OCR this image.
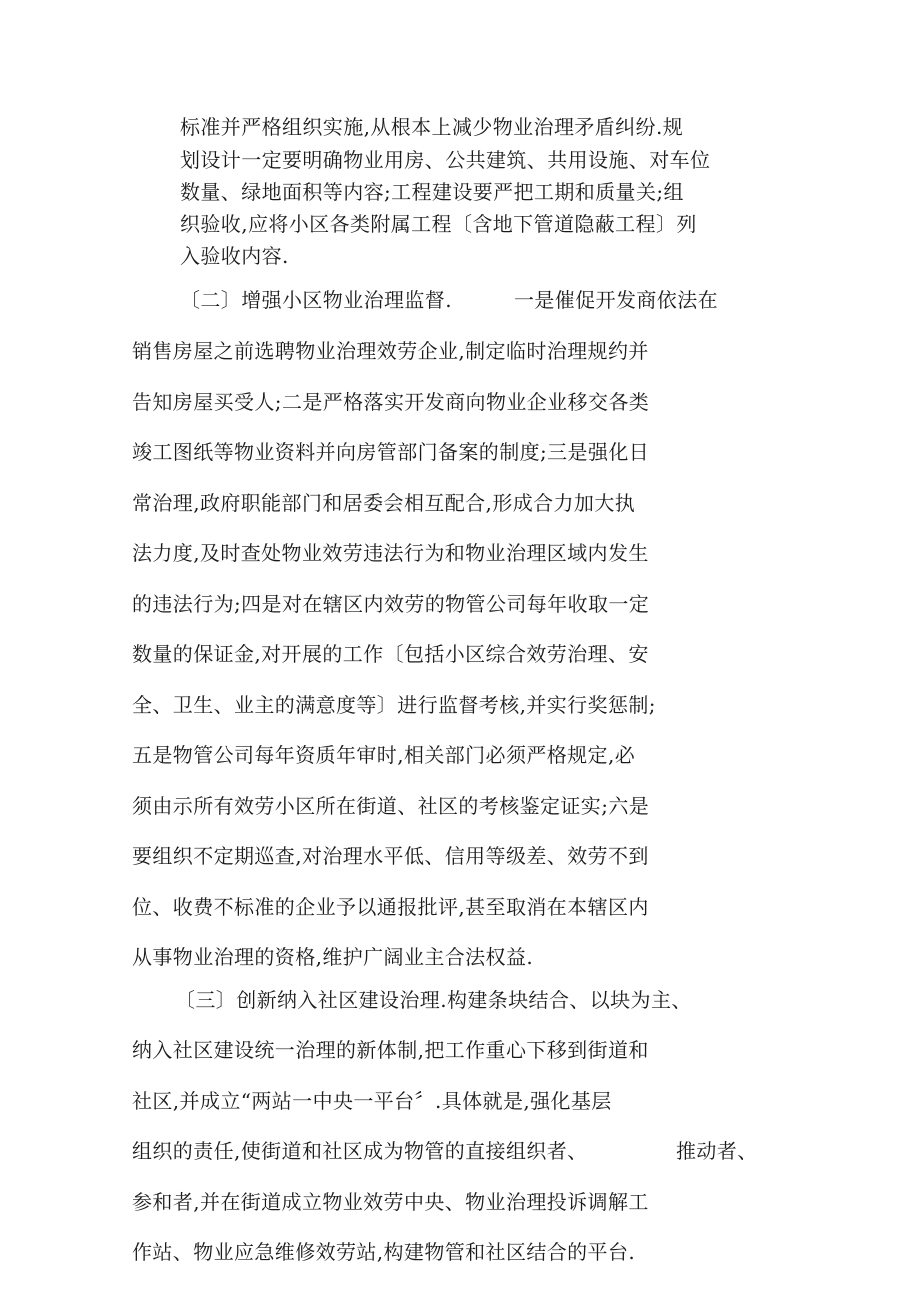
标准并严格组织实施,从根本上减少物业治理矛盾纠纷.规
划设计一定要明确物业用房、公共建筑、共用设施、对车位
数量、绿地面积等内容;工程建设要严把工期和质量关;组
织验收,应将小区各类附属工程〔含地下管道隐蔽工程〕列
入验收内容.
〔二〕增强小区物业治理监督.	一是催促开发商依法在
销售房屋之前选聘物业治理效劳企业,制定临时治理规约并
告知房屋买受人;二是严格落实开发商向物业企业移交各类
竣工图纸等物业资料并向房管部门备案的制度;三是强化日
常治理,政府职能部门和居委会相互配合,形成合力加大执
法力度,及时查处物业效劳违法行为和物业治理区域内发生
的违法行为;四是对在辖区内效劳的物管公司每年收取一定
数量的保证金,对开展的工作〔包括小区综合效劳治理、安
全、卫生、业主的满意度等〕进行监督考核,并实行奖惩制;
五是物管公司每年资质年审时,相关部门必须严格规定,必
须由示所有效劳小区所在街道、社区的考核鉴定证实;六是
要组织不定期巡查,对治理水平低、信用等级差、效劳不到
位、收费不标准的企业予以通报批评,甚至取消在本辖区内
从事物业治理的资格,维护广阔业主合法权益.
〔三〕创新纳入社区建设治理.构建条块结合、以块为主、
纳入社区建设统一治理的新体制,把工作重心下移到街道和
社区,并成立“两站一中央一平台〞.具体就是,强化基层
组织的责任,使街道和社区成为物管的直接组织者、	推动者、
参和者,并在街道成立物业效劳中央、物业治理投诉调解工
作站、物业应急维修效劳站,构建物管和社区结合的平台.
